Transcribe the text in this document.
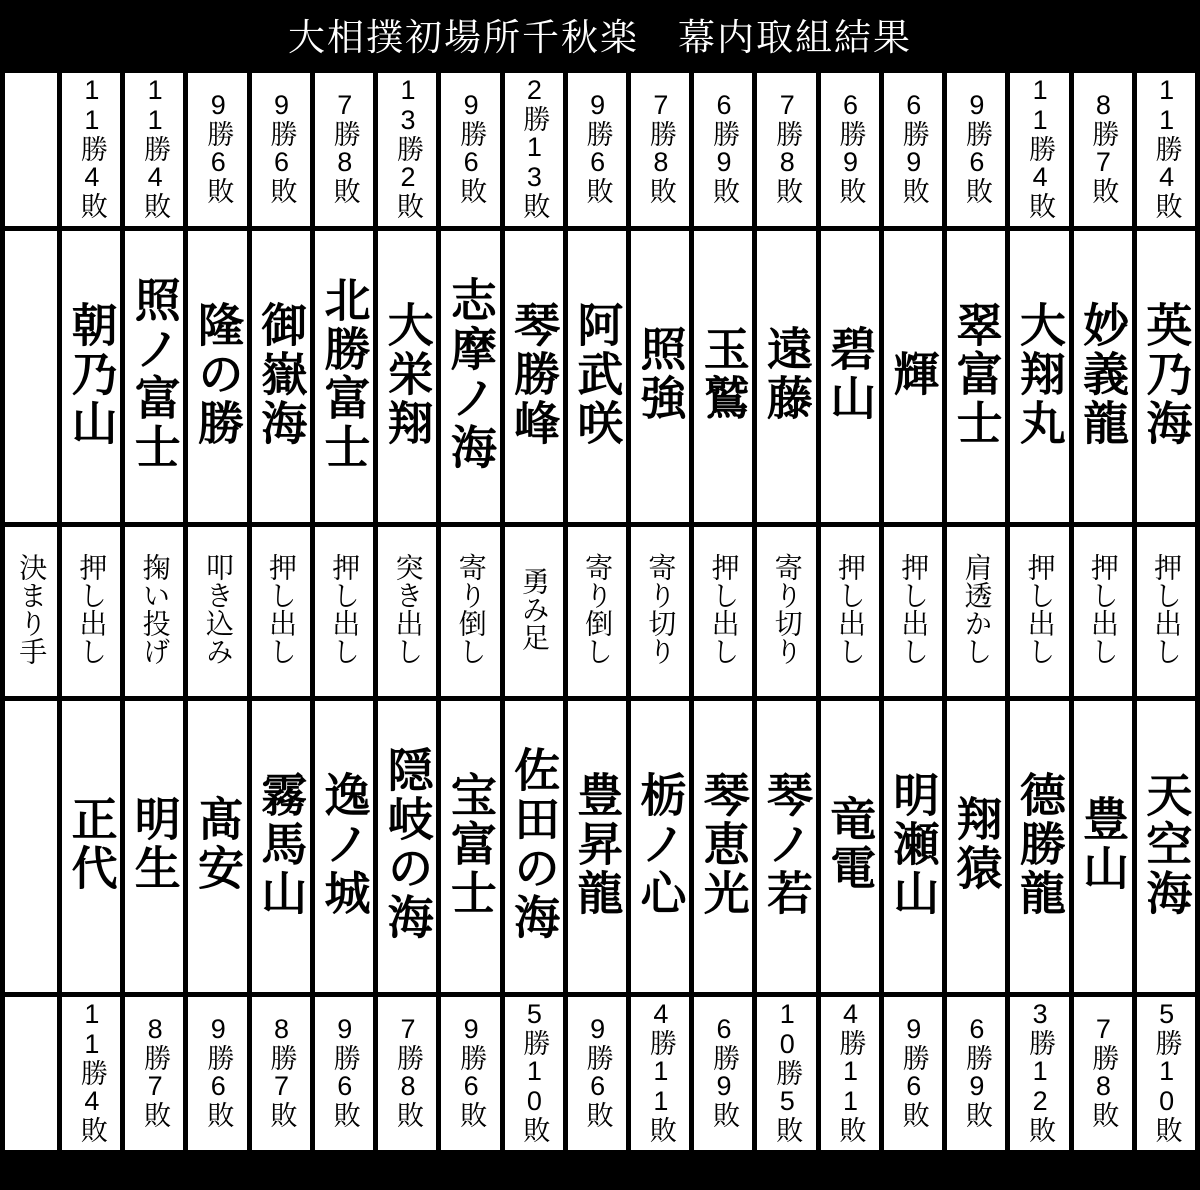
大相撲初場所千秋楽　幕内取組結果
	11勝4敗	11勝4敗	9勝6敗	9勝6敗	7勝8敗	13勝2敗	9勝6敗	2勝13敗	9勝6敗	7勝8敗	6勝9敗	7勝8敗	6勝9敗	6勝9敗	9勝6敗	11勝4敗	8勝7敗	11勝4敗
	朝乃山	照ノ富士	隆の勝	御嶽海	北勝富士	大栄翔	志摩ノ海	琴勝峰	阿武咲	照強	玉鷲	遠藤	碧山	輝	翠富士	大翔丸	妙義龍	英乃海
決まり手	押し出し	掬い投げ	叩き込み	押し出し	押し出し	突き出し	寄り倒し	勇み足	寄り倒し	寄り切り	押し出し	寄り切り	押し出し	押し出し	肩透かし	押し出し	押し出し	押し出し
	正代	明生	髙安	霧馬山	逸ノ城	隠岐の海	宝富士	佐田の海	豊昇龍	栃ノ心	琴恵光	琴ノ若	竜電	明瀬山	翔猿	德勝龍	豊山	天空海
	11勝4敗	8勝7敗	9勝6敗	8勝7敗	9勝6敗	7勝8敗	9勝6敗	5勝10敗	9勝6敗	4勝11敗	6勝9敗	10勝5敗	4勝11敗	9勝6敗	6勝9敗	3勝12敗	7勝8敗	5勝10敗
